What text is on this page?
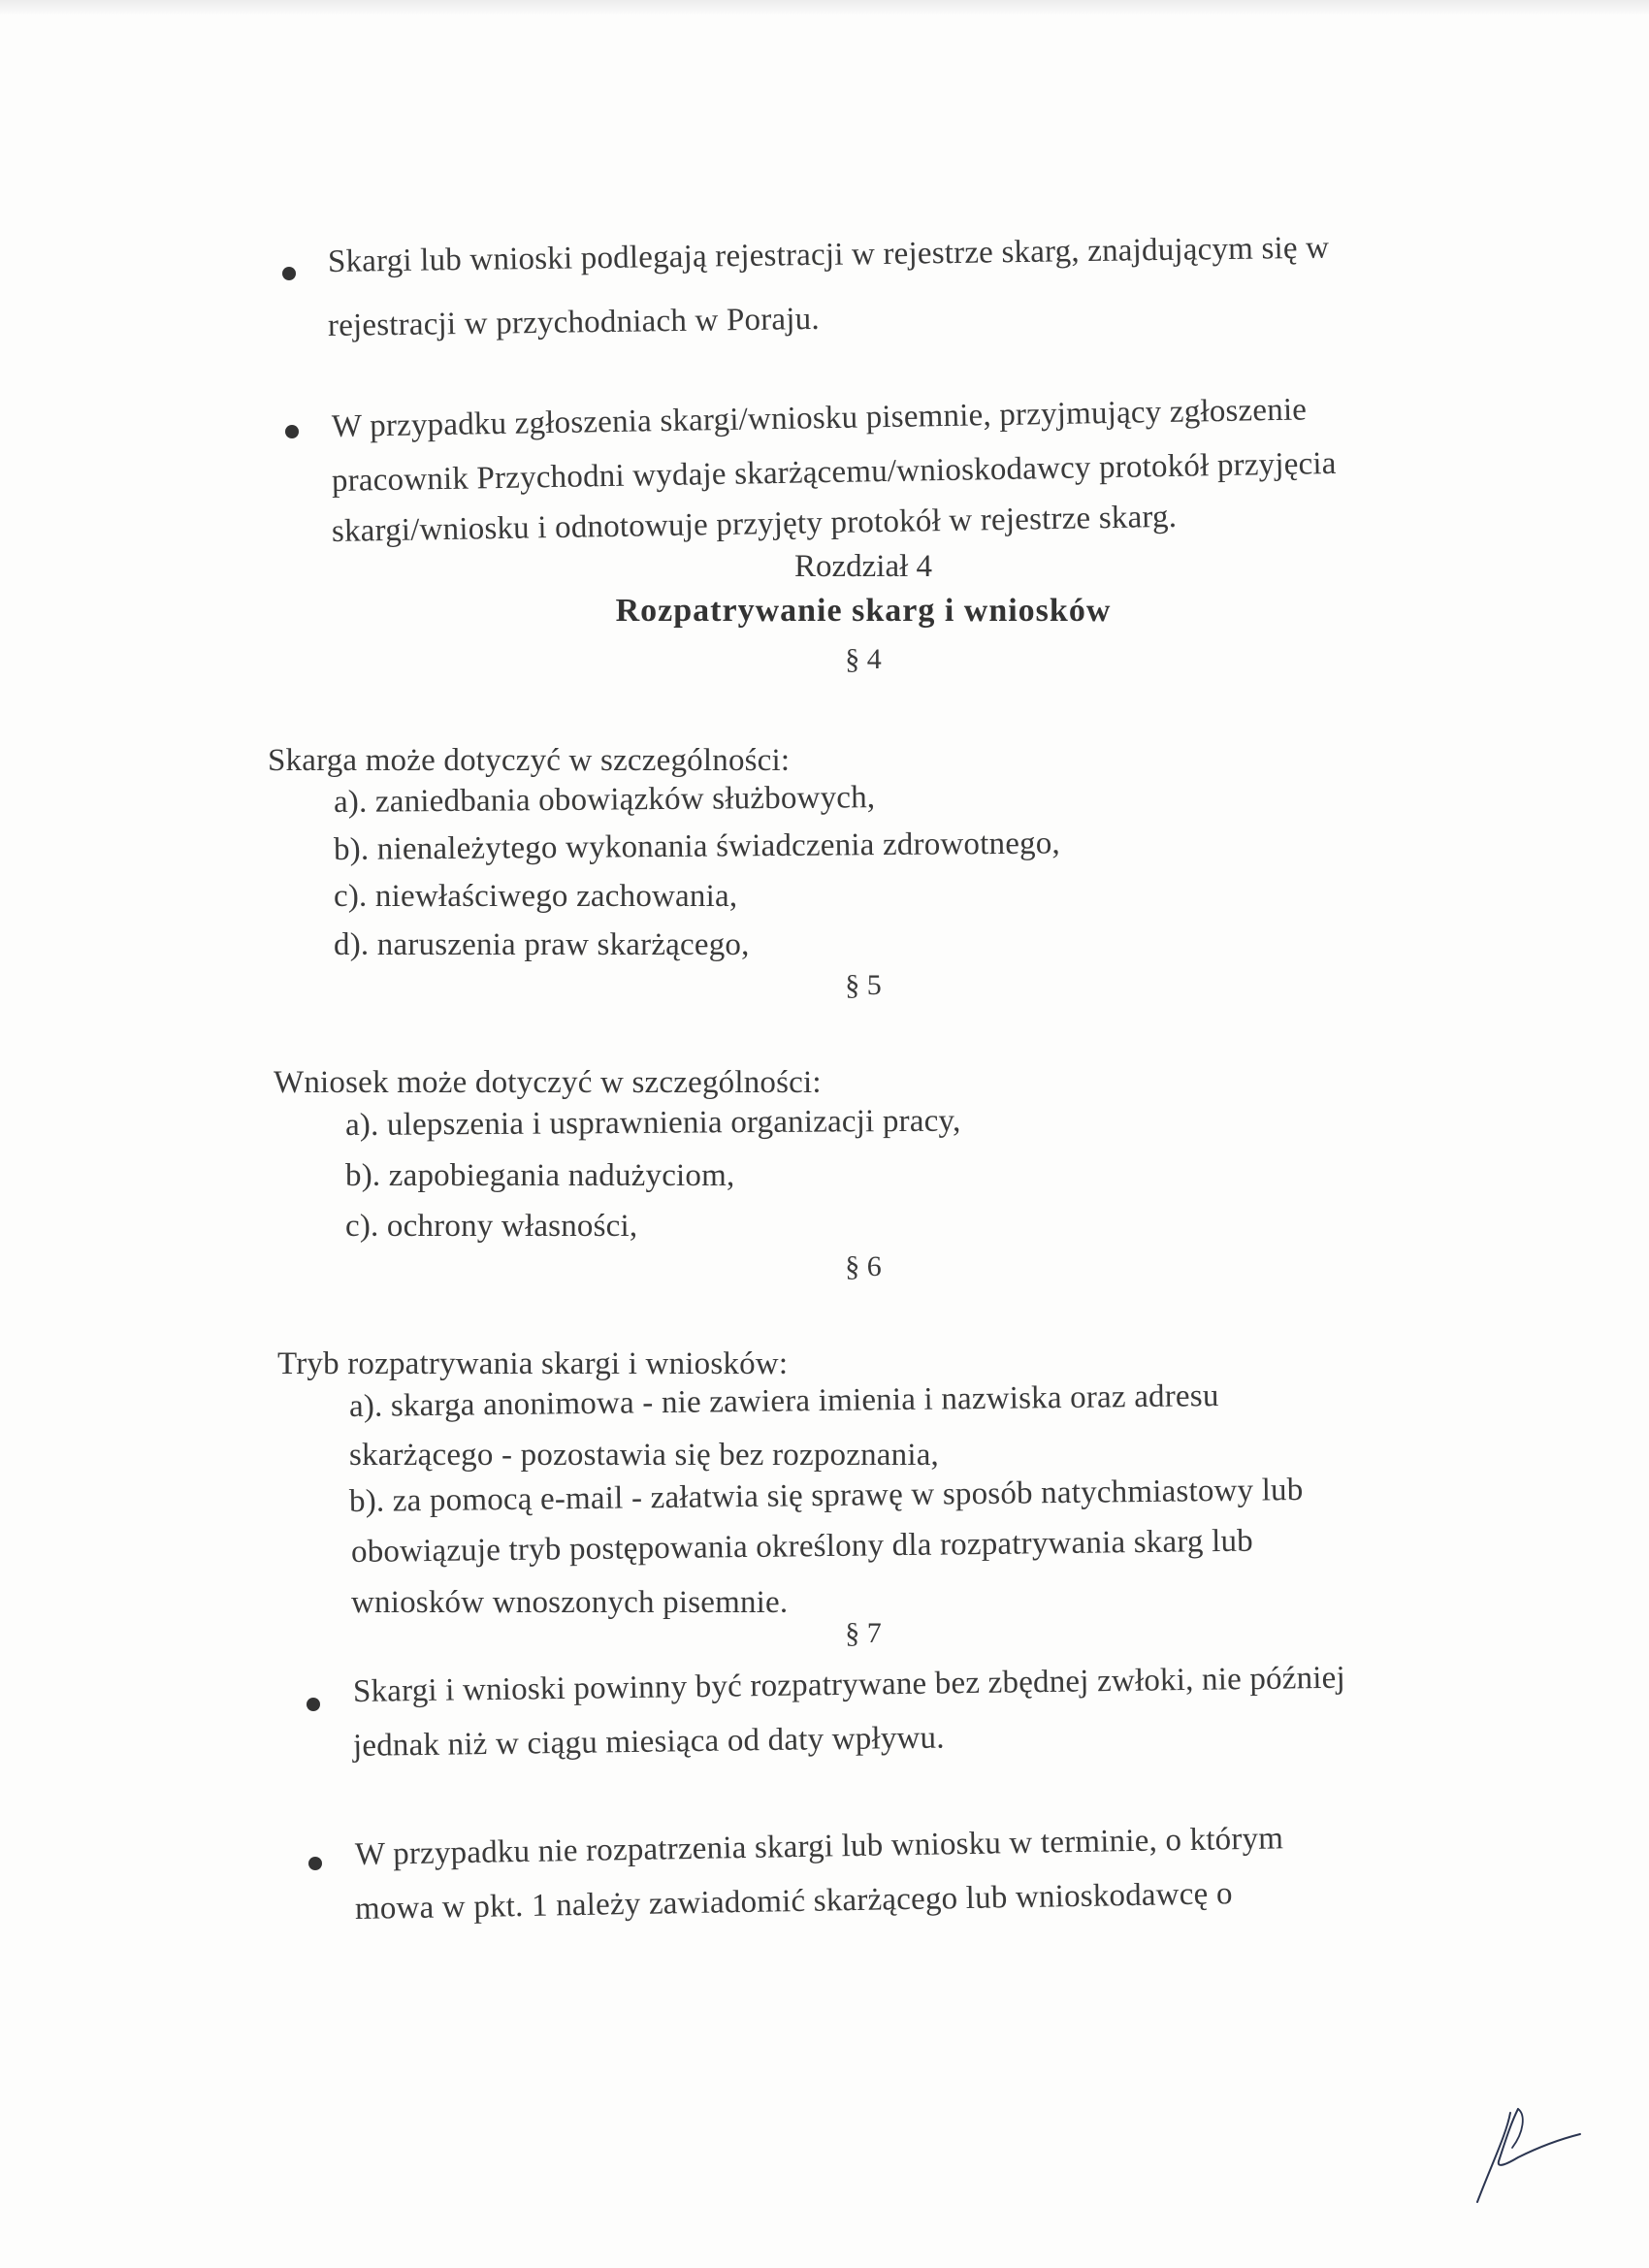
Skargi lub wnioski podlegają rejestracji w rejestrze skarg, znajdującym się w
rejestracji w przychodniach w Poraju.
W przypadku zgłoszenia skargi/wniosku pisemnie, przyjmujący zgłoszenie
pracownik Przychodni wydaje skarżącemu/wnioskodawcy protokół przyjęcia
skargi/wniosku i odnotowuje przyjęty protokół w rejestrze skarg.
Rozdział 4
Rozpatrywanie skarg i wniosków
§ 4
Skarga może dotyczyć w szczególności:
a). zaniedbania obowiązków służbowych,
b). nienależytego wykonania świadczenia zdrowotnego,
c). niewłaściwego zachowania,
d). naruszenia praw skarżącego,
§ 5
Wniosek może dotyczyć w szczególności:
a). ulepszenia i usprawnienia organizacji pracy,
b). zapobiegania nadużyciom,
c). ochrony własności,
§ 6
Tryb rozpatrywania skargi i wniosków:
a). skarga anonimowa - nie zawiera imienia i nazwiska oraz adresu
skarżącego - pozostawia się bez rozpoznania,
b). za pomocą e-mail - załatwia się sprawę w sposób natychmiastowy lub
obowiązuje tryb postępowania określony dla rozpatrywania skarg lub
wniosków wnoszonych pisemnie.
§ 7
Skargi i wnioski powinny być rozpatrywane bez zbędnej zwłoki, nie później
jednak niż w ciągu miesiąca od daty wpływu.
W przypadku nie rozpatrzenia skargi lub wniosku w terminie, o którym
mowa w pkt. 1 należy zawiadomić skarżącego lub wnioskodawcę o
